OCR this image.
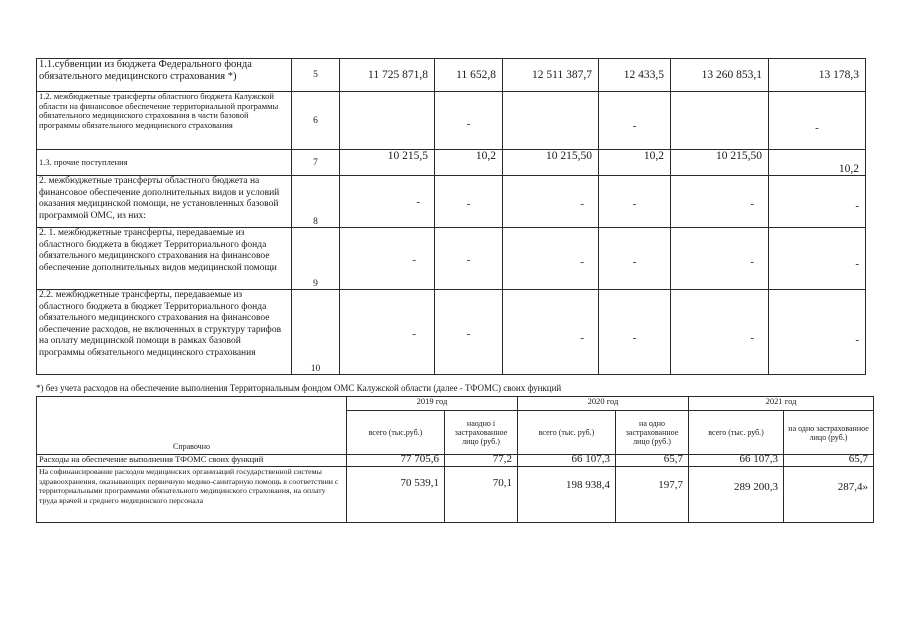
1.1.субвенции из бюджета Федерального фонда обязательного медицинского страхования *)	5	11 725 871,8	11 652,8	12 511 387,7	12 433,5	13 260 853,1	13 178,3
1.2. межбюджетные трансферты областного бюджета Калужской области на финансовое обеспечение территориальной программы обязательного медицинского страхования в части базовой программы обязательного медицинского страхования	6		-		-		-
1.3. прочие поступления	7	10 215,5	10,2	10 215,50	10,2	10 215,50	10,2
2. межбюджетные трансферты областного бюджета на финансовое обеспечение дополнительных видов и условий оказания медицинской помощи, не установленных базовой программой ОМС, из них:	8	-	-	-	-	-	-
2. 1. межбюджетные трансферты, передаваемые из областного бюджета в бюджет Территориального фонда обязательного медицинского страхования на финансовое обеспечение дополнительных видов медицинской помощи	9	-	-	-	-	-	-
2.2. межбюджетные трансферты, передаваемые из областного бюджета в бюджет Территориального фонда обязательного медицинского страхования на финансовое обеспечение расходов, не включенных в структуру тарифов на оплату медицинской помощи в рамках базовой программы обязательного медицинского страхования	10	-	-	-	-	-	-
*) без учета расходов на обеспечение выполнения Территориальным фондом ОМС Калужской области (далее - ТФОМС) своих функций
Справочно	2019 год		2020 год		2021 год	
	всего (тыс.руб.)	наодно і застрахованное лицо (руб.)	всего (тыс. руб.)	на одно застрахованное лицо (руб.)	всего (тыс. руб.)	на одно застрахованное лицо (руб.)
Расходы на обеспечение выполнения ТФОМС своих функций	77 705,6	77,2	66 107,3	65,7	66 107,3	65,7
На софинансирование расходов медицинских организаций государственной системы здравоохранения, оказывающих первичную медико-санитарную помощь в соответствии с территориальными программами обязательного медицинского страхования, на оплату труда врачей и среднего медицинского персонала	70 539,1	70,1	198 938,4	197,7	289 200,3	287,4»
